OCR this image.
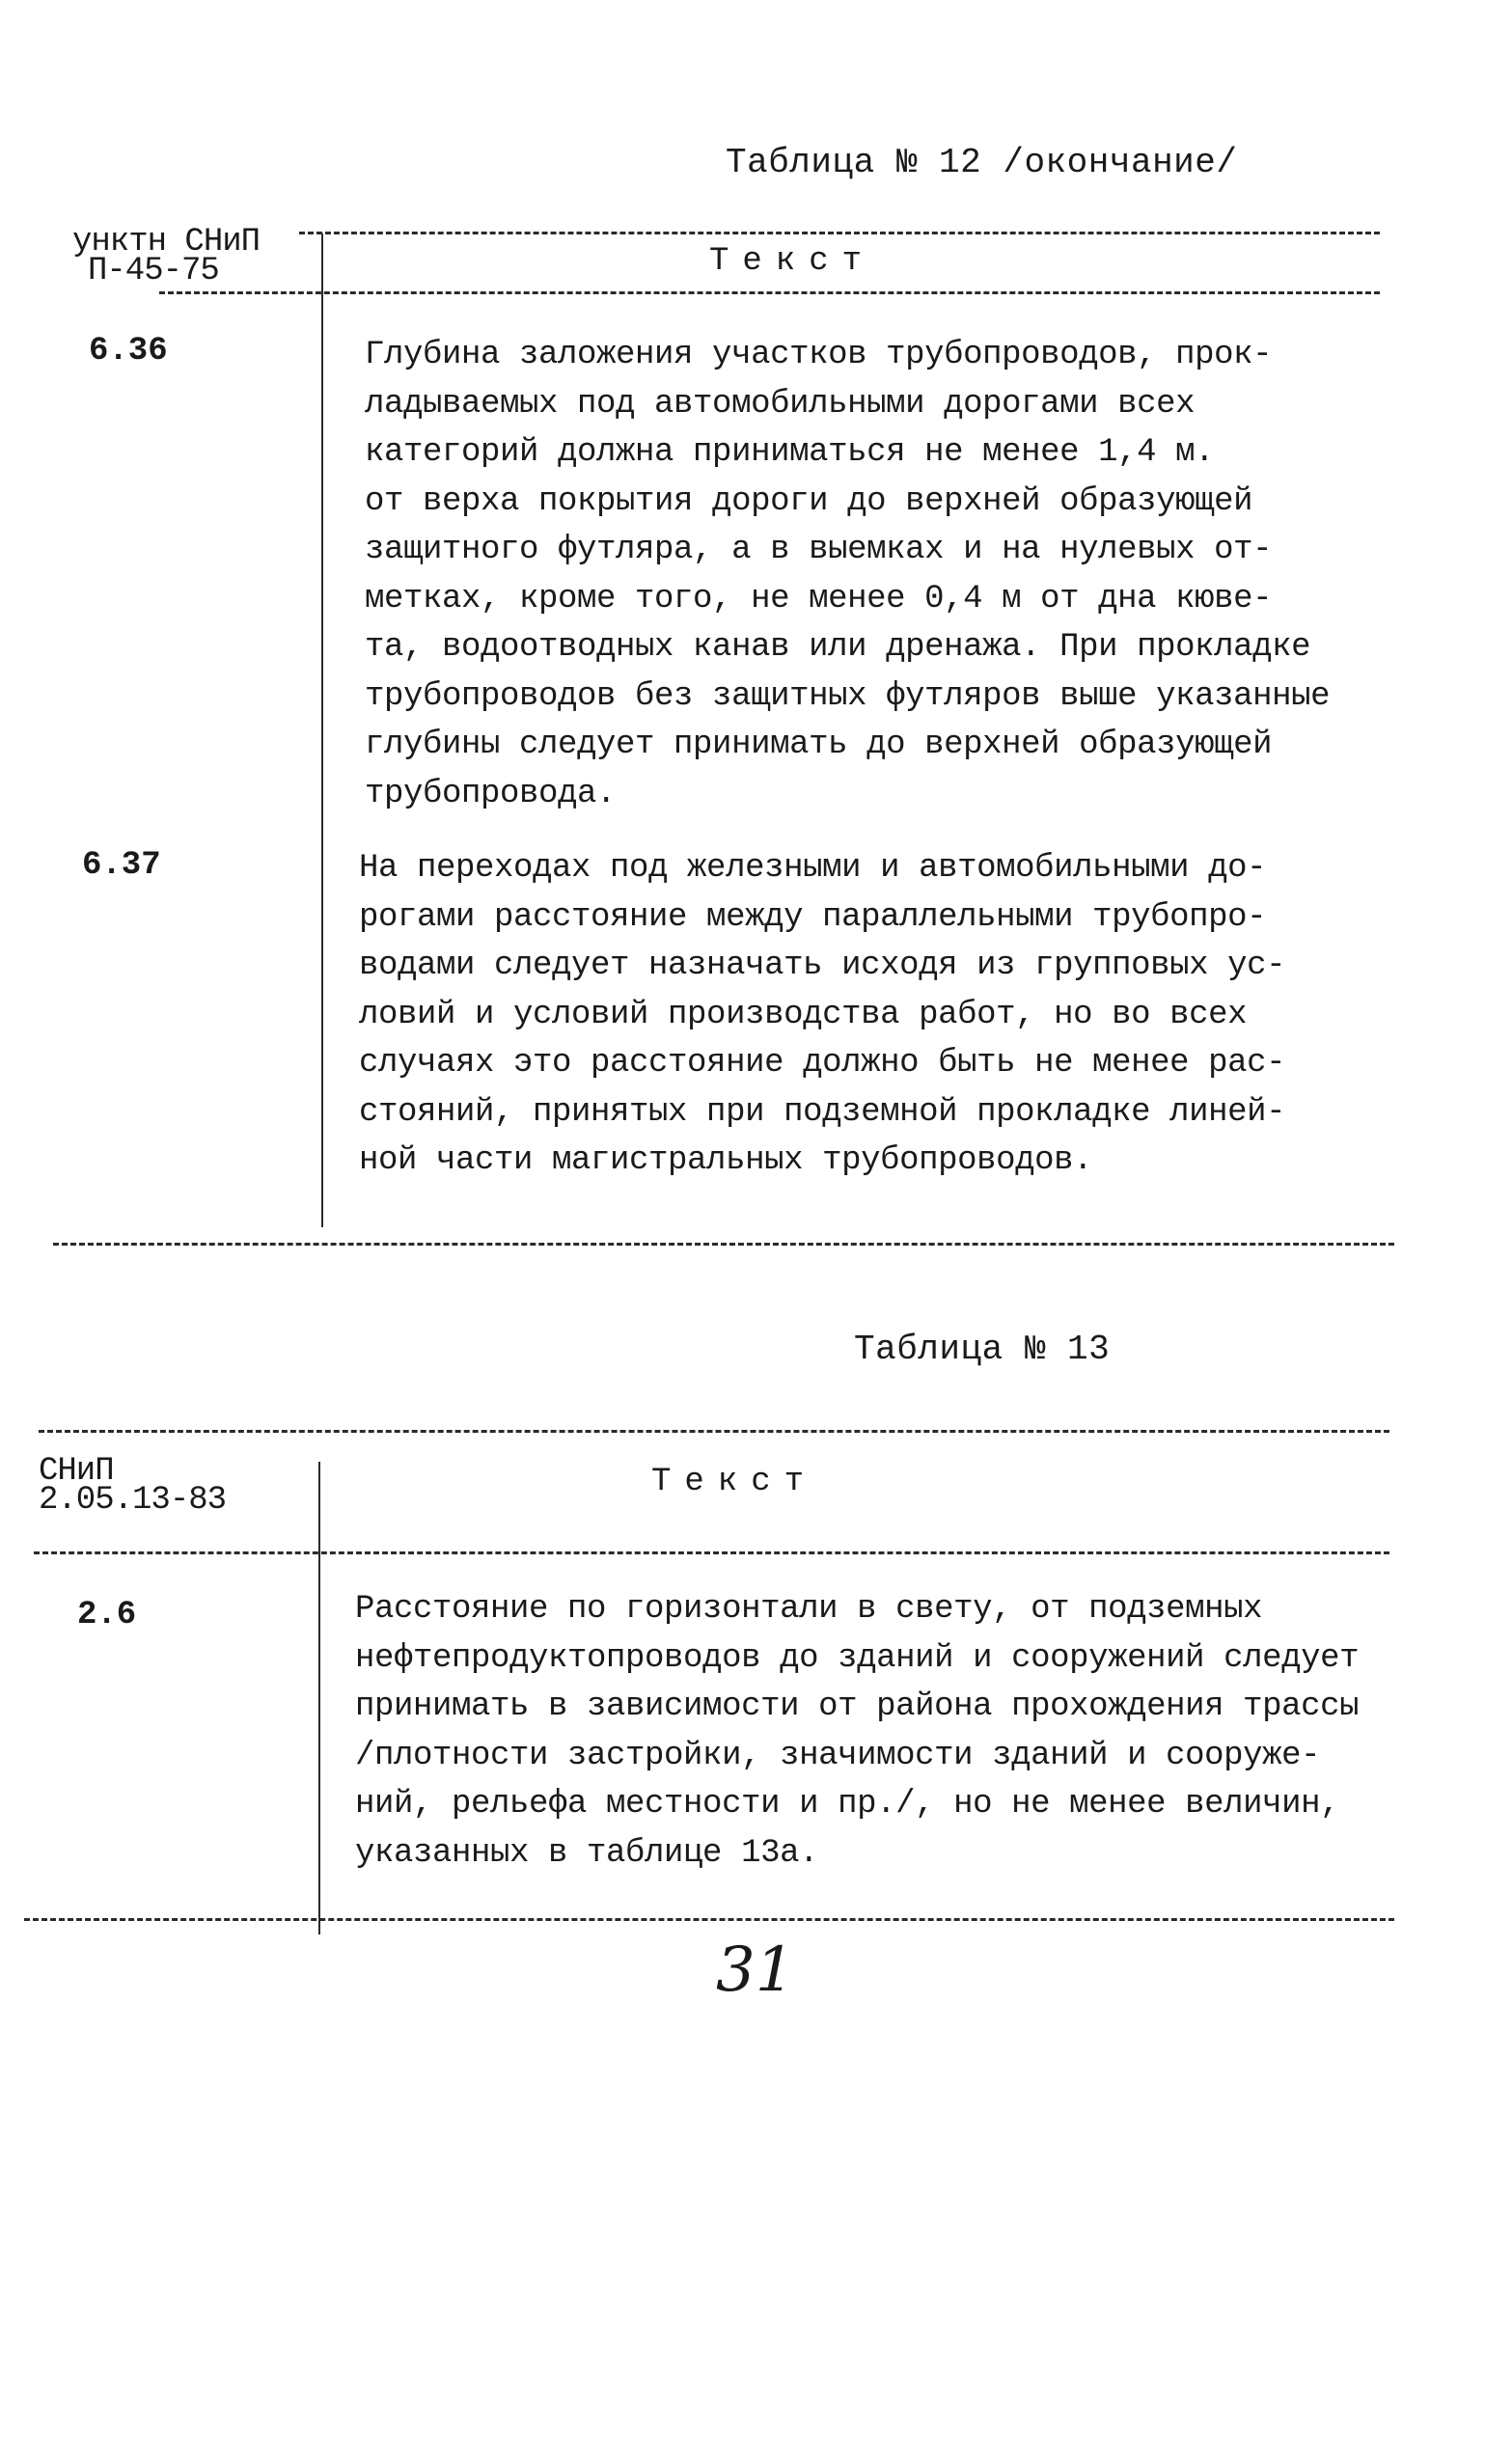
Таблица № 12 /окончание/
унктн СНиП
П-45-75	Текст
6.36	Глубина заложения участков трубопроводов, прок-
ладываемых под автомобильными дорогами всех
категорий должна приниматься не менее 1,4 м.
от верха покрытия дороги до верхней образующей
защитного футляра, а в выемках и на нулевых от-
метках, кроме того, не менее 0,4 м от дна кюве-
та, водоотводных канав или дренажа. При прокладке
трубопроводов без защитных футляров выше указанные
глубины следует принимать до верхней образующей
трубопровода.
6.37	На переходах под железными и автомобильными до-
рогами расстояние между параллельными трубопро-
водами следует назначать исходя из групповых ус-
ловий и условий производства работ, но во всех
случаях это расстояние должно быть не менее рас-
стояний, принятых при подземной прокладке линей-
ной части магистральных трубопроводов.
Таблица № 13
СНиП
2.05.13-83	Текст
2.6	Расстояние по горизонтали в свету, от подземных
нефтепродуктопроводов до зданий и сооружений следует
принимать в зависимости от района прохождения трассы
/плотности застройки, значимости зданий и сооруже-
ний, рельефа местности и пр./, но не менее величин,
указанных в таблице 13а.
31
